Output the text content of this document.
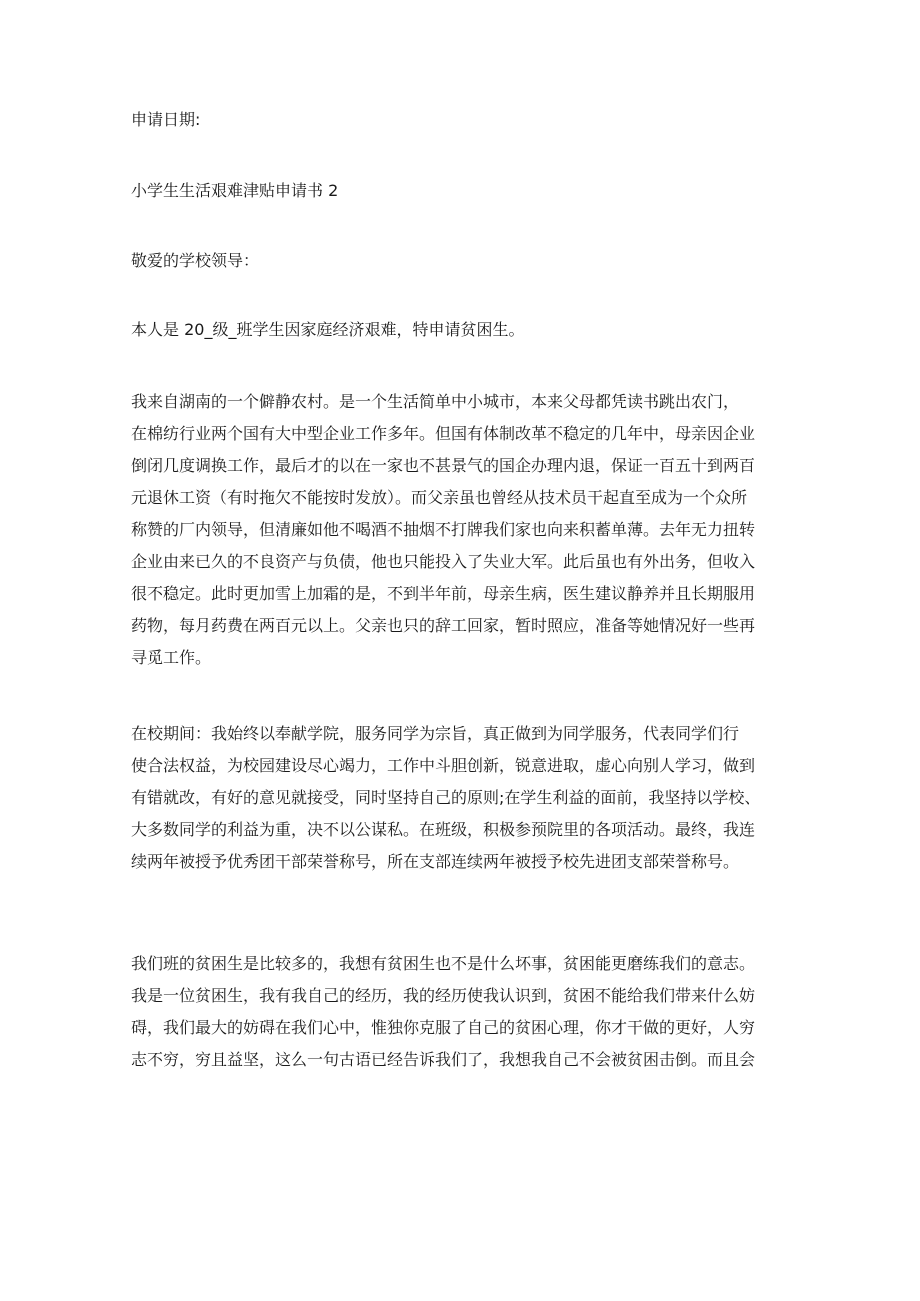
申请日期:

小学生生活艰难津贴申请书 2

敬爱的学校领导：

本人是 20_级_班学生因家庭经济艰难，特申请贫困生。

我来自湖南的一个僻静农村。是一个生活简单中小城市，本来父母都凭读书跳出农门，
在棉纺行业两个国有大中型企业工作多年。但国有体制改革不稳定的几年中，母亲因企业
倒闭几度调换工作，最后才的以在一家也不甚景气的国企办理内退，保证一百五十到两百
元退休工资（有时拖欠不能按时发放）。而父亲虽也曾经从技术员干起直至成为一个众所
称赞的厂内领导，但清廉如他不喝酒不抽烟不打牌我们家也向来积蓄单薄。去年无力扭转
企业由来已久的不良资产与负债，他也只能投入了失业大军。此后虽也有外出务，但收入
很不稳定。此时更加雪上加霜的是，不到半年前，母亲生病，医生建议静养并且长期服用
药物，每月药费在两百元以上。父亲也只的辞工回家，暂时照应，准备等她情况好一些再
寻觅工作。
在校期间：我始终以奉献学院，服务同学为宗旨，真正做到为同学服务，代表同学们行
使合法权益，为校园建设尽心竭力，工作中斗胆创新，锐意进取，虚心向别人学习，做到
有错就改，有好的意见就接受，同时坚持自己的原则;在学生利益的面前，我坚持以学校、
大多数同学的利益为重，决不以公谋私。在班级，积极参预院里的各项活动。最终，我连
续两年被授予优秀团干部荣誉称号，所在支部连续两年被授予校先进团支部荣誉称号。
我们班的贫困生是比较多的，我想有贫困生也不是什么坏事，贫困能更磨练我们的意志。
我是一位贫困生，我有我自己的经历，我的经历使我认识到，贫困不能给我们带来什么妨
碍，我们最大的妨碍在我们心中，惟独你克服了自己的贫困心理，你才干做的更好，人穷
志不穷，穷且益坚，这么一句古语已经告诉我们了，我想我自己不会被贫困击倒。而且会
